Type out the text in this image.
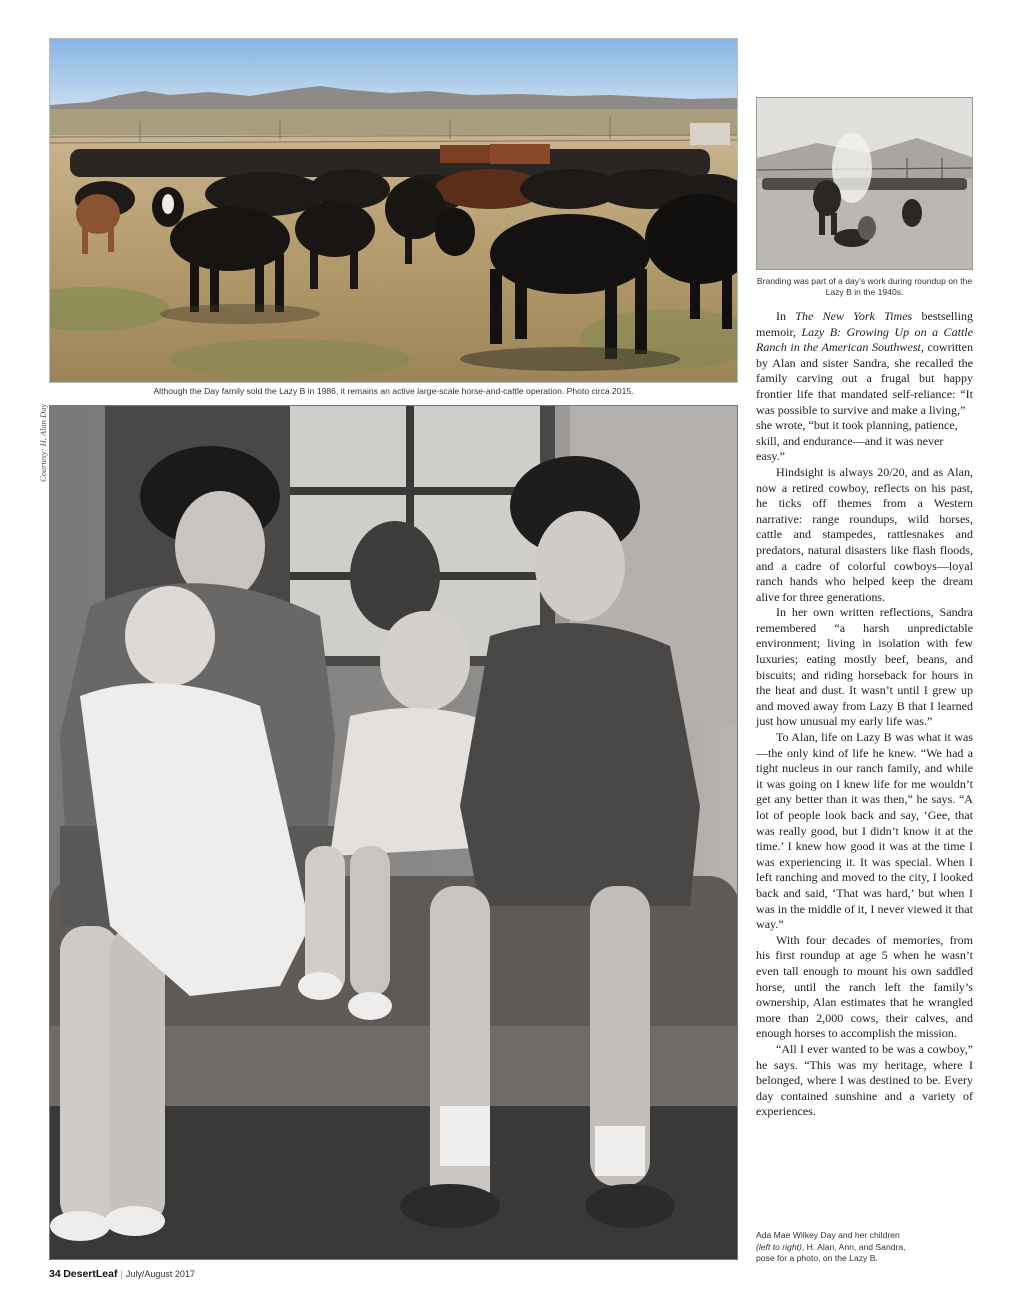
Although the Day family sold the Lazy B in 1986, it remains an active large-scale horse-and-cattle operation. Photo circa 2015.
Branding was part of a day’s work during roundup on the Lazy B in the 1940s.
Courtesy: H. Alan Day

In The New York Times bestselling memoir, Lazy B: Growing Up on a Cattle Ranch in the American Southwest, cowritten by Alan and sister Sandra, she recalled the family carving out a frugal but happy frontier life that mandated self-reliance: “It was possible to survive and make a living,”

she wrote, “but it took planning, patience, skill, and endurance—and it was never easy.”

Hindsight is always 20/20, and as Alan, now a retired cowboy, reflects on his past, he ticks off themes from a Western narrative: range roundups, wild horses, cattle and stampedes, rattlesnakes and predators, natural disasters like flash floods, and a cadre of colorful cowboys—loyal ranch hands who helped keep the dream alive for three generations.

In her own written reflections, Sandra remembered “a harsh unpredictable environment; living in isolation with few luxuries; eating mostly beef, beans, and biscuits; and riding horseback for hours in the heat and dust. It wasn’t until I grew up and moved away from Lazy B that I learned just how unusual my early life was.”

To Alan, life on Lazy B was what it was—the only kind of life he knew. “We had a tight nucleus in our ranch family, and while it was going on I knew life for me wouldn’t get any better than it was then,” he says. “A lot of people look back and say, ‘Gee, that was really good, but I didn’t know it at the time.’ I knew how good it was at the time I was experiencing it. It was special. When I left ranching and moved to the city, I looked back and said, ‘That was hard,’ but when I was in the middle of it, I never viewed it that way.”

With four decades of memories, from his first roundup at age 5 when he wasn’t even tall enough to mount his own saddled horse, until the ranch left the family’s ownership, Alan estimates that he wrangled more than 2,000 cows, their calves, and enough horses to accomplish the mission.

“All I ever wanted to be was a cowboy,” he says. “This was my heritage, where I belonged, where I was destined to be. Every day contained sunshine and a variety of experiences.

Ada Mae Wilkey Day and her children
(left to right), H. Alan, Ann, and Sandra,
pose for a photo, on the Lazy B.
34 DesertLeaf | July/August 2017
